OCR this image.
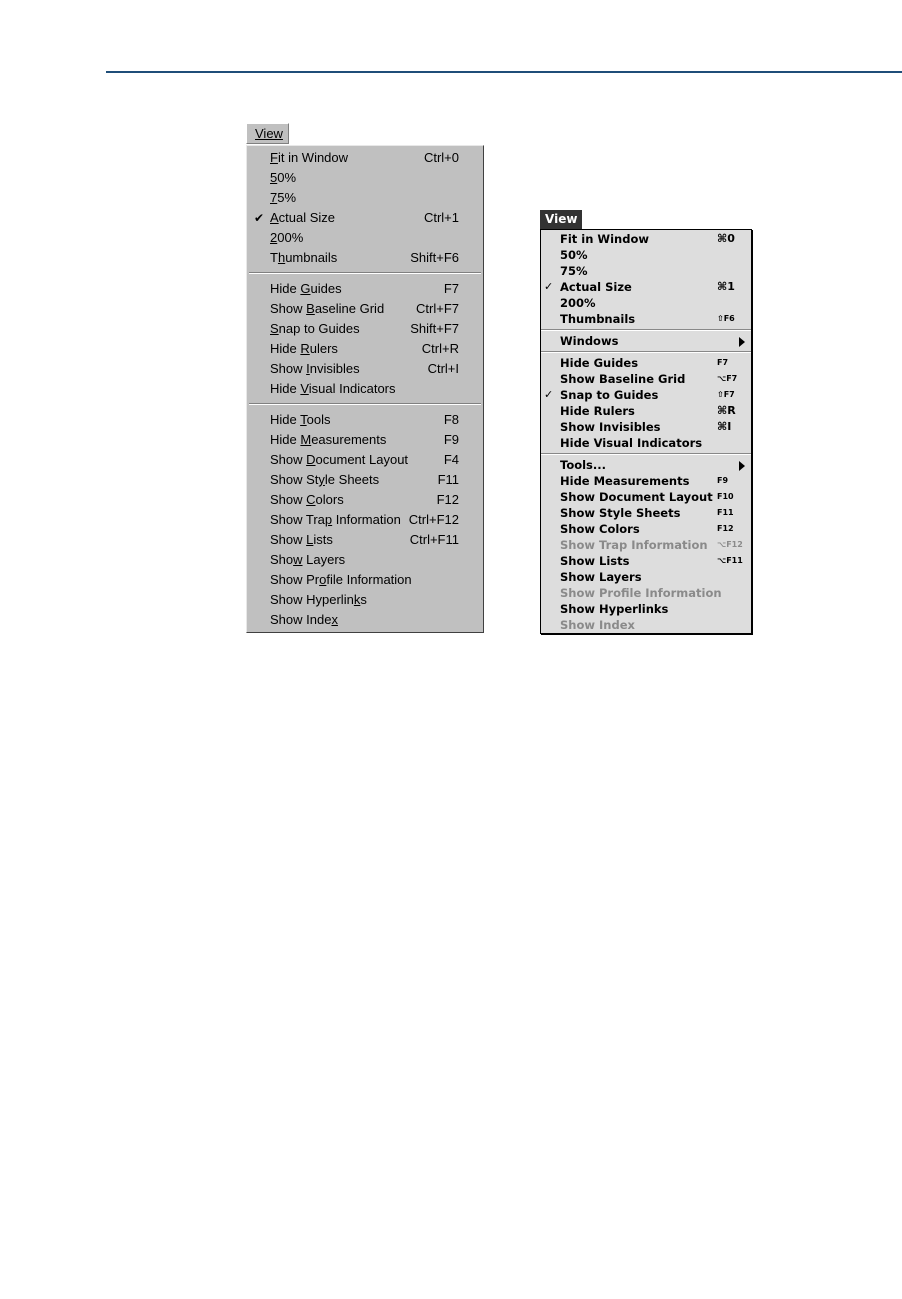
View
Fit in Window	Ctrl+0
50%
75%
✔ Actual Size	Ctrl+1
200%
Thumbnails	Shift+F6
Hide Guides	F7
Show Baseline Grid Ctrl+F7
Snap to Guides	Shift+F7
Hide Rulers	Ctrl+R
Show Invisibles	Ctrl+I
Hide Visual Indicators
Hide Tools	F8
Hide Measurements	F9
Show Document Layout	F4
Show Style Sheets	F11
Show Colors	F12
Show Trap Information Ctrl+F12
Show Lists	Ctrl+F11
Show Layers
Show Profile Information
Show Hyperlinks
Show Index
View
Fit in Window	⌘0
50%
75%
✓ Actual Size	⌘1
200%
Thumbnails	⇧F6
Windows
Hide Guides	F7
Show Baseline Grid	⌥F7
✓ Snap to Guides	⇧F7
Hide Rulers	⌘R
Show Invisibles	⌘I
Hide Visual Indicators
Tools...
Hide Measurements	F9
Show Document Layout F10
Show Style Sheets	F11
Show Colors	F12
Show Trap Information ⌥F12
Show Lists	⌥F11
Show Layers
Show Profile Information
Show Hyperlinks
Show Index
